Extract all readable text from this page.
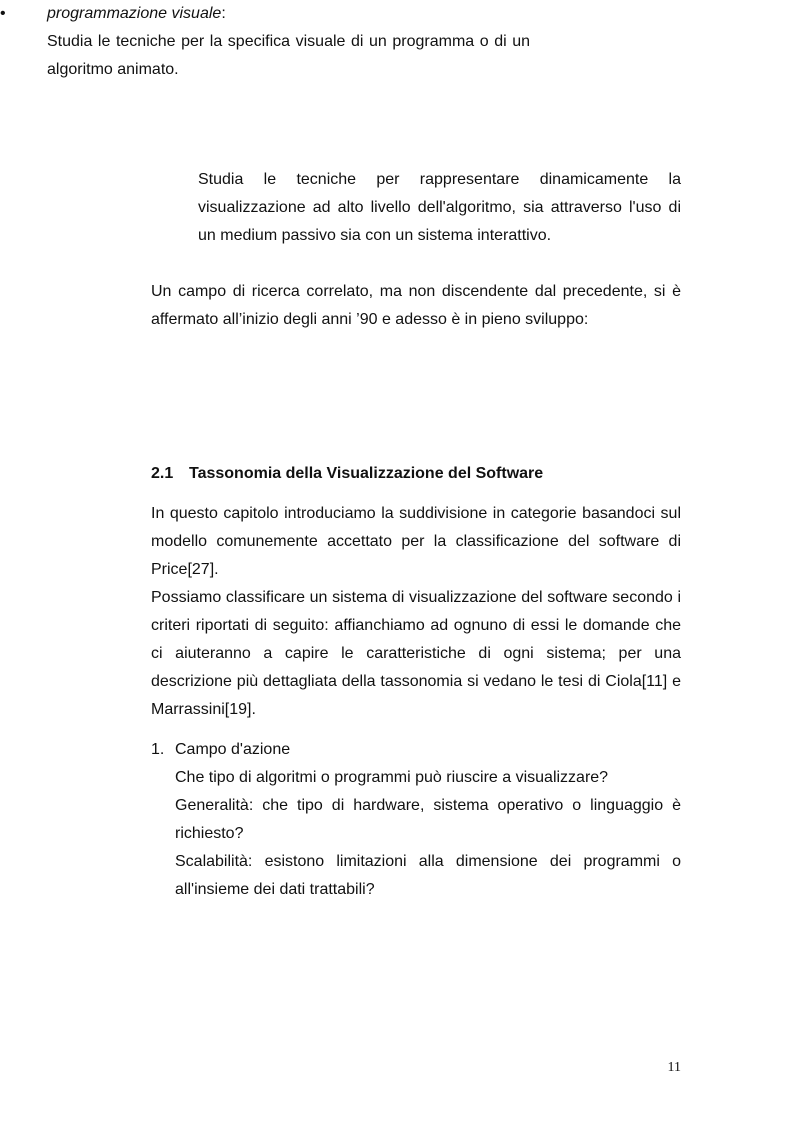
Studia le tecniche per rappresentare dinamicamente la

visualizzazione ad alto livello dell'algoritmo, sia attraverso l'uso di

un medium passivo sia con un sistema interattivo.

Un campo di ricerca correlato, ma non discendente dal precedente, si è

affermato all’inizio degli anni ’90 e adesso è in pieno sviluppo:

•	programmazione visuale:

Studia le tecniche per la specifica visuale di un programma o di un

algoritmo animato.

2.1 Tassonomia della Visualizzazione del Software

In questo capitolo introduciamo la suddivisione in categorie basandoci sul

modello comunemente accettato per la classificazione del software di

Price[27].

Possiamo classificare un sistema di visualizzazione del software secondo i

criteri riportati di seguito: affianchiamo ad ognuno di essi le domande che

ci aiuteranno a capire le caratteristiche di ogni sistema; per una

descrizione più dettagliata della tassonomia si vedano le tesi di Ciola[11] e

Marrassini[19].

1. Campo d'azione

Che tipo di algoritmi o programmi può riuscire a visualizzare?

Generalità: che tipo di hardware, sistema operativo o linguaggio è

richiesto?

Scalabilità: esistono limitazioni alla dimensione dei programmi o

all'insieme dei dati trattabili?

11
